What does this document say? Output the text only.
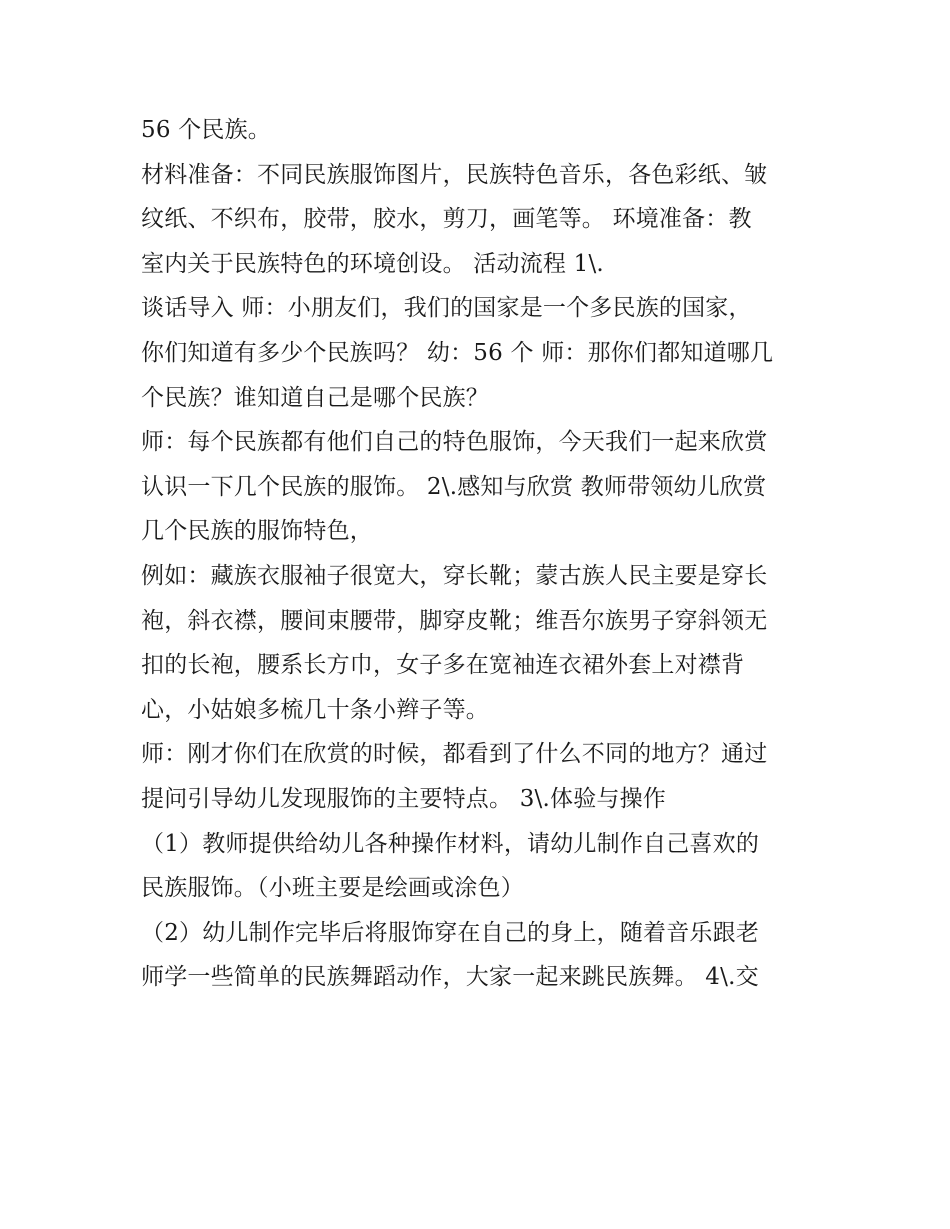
56 个民族。
材料准备：不同民族服饰图片，民族特色音乐，各色彩纸、皱
纹纸、不织布，胶带，胶水，剪刀，画笔等。 环境准备：教
室内关于民族特色的环境创设。 活动流程 1\.
谈话导入 师：小朋友们，我们的国家是一个多民族的国家，
你们知道有多少个民族吗？ 幼：56 个 师：那你们都知道哪几
个民族？谁知道自己是哪个民族？
师：每个民族都有他们自己的特色服饰，今天我们一起来欣赏
认识一下几个民族的服饰。 2\.感知与欣赏 教师带领幼儿欣赏
几个民族的服饰特色，
例如：藏族衣服袖子很宽大，穿长靴；蒙古族人民主要是穿长
袍，斜衣襟，腰间束腰带，脚穿皮靴；维吾尔族男子穿斜领无
扣的长袍，腰系长方巾，女子多在宽袖连衣裙外套上对襟背
心，小姑娘多梳几十条小辫子等。
师：刚才你们在欣赏的时候，都看到了什么不同的地方？通过
提问引导幼儿发现服饰的主要特点。 3\.体验与操作
（1）教师提供给幼儿各种操作材料，请幼儿制作自己喜欢的
民族服饰。（小班主要是绘画或涂色）
（2）幼儿制作完毕后将服饰穿在自己的身上，随着音乐跟老
师学一些简单的民族舞蹈动作，大家一起来跳民族舞。 4\.交
